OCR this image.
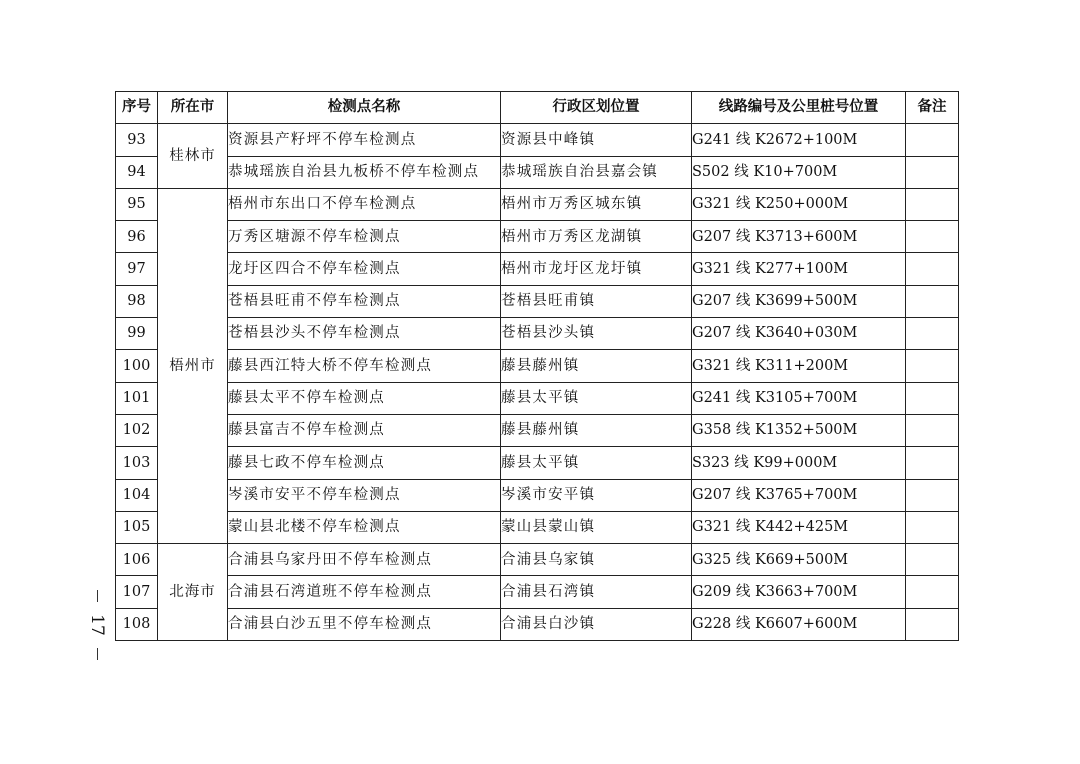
序号	所在市	检测点名称	行政区划位置	线路编号及公里桩号位置	备注
93	桂林市	资源县产籽坪不停车检测点	资源县中峰镇	G241 线 K2672+100M	
94		恭城瑶族自治县九板桥不停车检测点	恭城瑶族自治县嘉会镇	S502 线 K10+700M	
95	梧州市	梧州市东出口不停车检测点	梧州市万秀区城东镇	G321 线 K250+000M	
96		万秀区塘源不停车检测点	梧州市万秀区龙湖镇	G207 线 K3713+600M	
97		龙圩区四合不停车检测点	梧州市龙圩区龙圩镇	G321 线 K277+100M	
98		苍梧县旺甫不停车检测点	苍梧县旺甫镇	G207 线 K3699+500M	
99		苍梧县沙头不停车检测点	苍梧县沙头镇	G207 线 K3640+030M	
100		藤县西江特大桥不停车检测点	藤县藤州镇	G321 线 K311+200M	
101		藤县太平不停车检测点	藤县太平镇	G241 线 K3105+700M	
102		藤县富吉不停车检测点	藤县藤州镇	G358 线 K1352+500M	
103		藤县七政不停车检测点	藤县太平镇	S323 线 K99+000M	
104		岑溪市安平不停车检测点	岑溪市安平镇	G207 线 K3765+700M	
105		蒙山县北楼不停车检测点	蒙山县蒙山镇	G321 线 K442+425M	
106	北海市	合浦县乌家丹田不停车检测点	合浦县乌家镇	G325 线 K669+500M	
107		合浦县石湾道班不停车检测点	合浦县石湾镇	G209 线 K3663+700M	
108		合浦县白沙五里不停车检测点	合浦县白沙镇	G228 线 K6607+600M	
17
